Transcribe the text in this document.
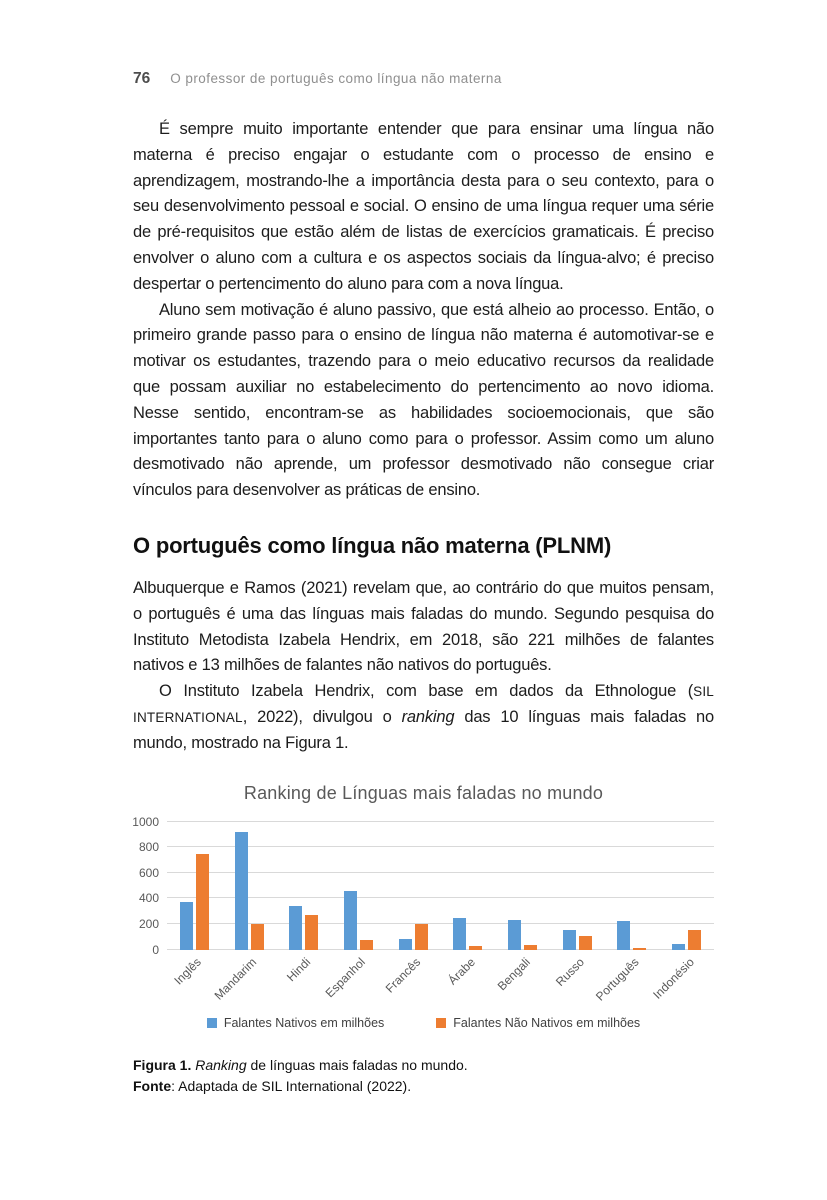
76 O professor de português como língua não materna

É sempre muito importante entender que para ensinar uma língua não materna é preciso engajar o estudante com o processo de ensino e aprendizagem, mostrando-lhe a importância desta para o seu contexto, para o seu desenvolvimento pessoal e social. O ensino de uma língua requer uma série de pré-requisitos que estão além de listas de exercícios gramaticais. É preciso envolver o aluno com a cultura e os aspectos sociais da língua-alvo; é preciso despertar o pertencimento do aluno para com a nova língua.

Aluno sem motivação é aluno passivo, que está alheio ao processo. Então, o primeiro grande passo para o ensino de língua não materna é automotivar-se e motivar os estudantes, trazendo para o meio educativo recursos da realidade que possam auxiliar no estabelecimento do pertencimento ao novo idioma. Nesse sentido, encontram-se as habilidades socioemocionais, que são importantes tanto para o aluno como para o professor. Assim como um aluno desmotivado não aprende, um professor desmotivado não consegue criar vínculos para desenvolver as práticas de ensino.

O português como língua não materna (PLNM)

Albuquerque e Ramos (2021) revelam que, ao contrário do que muitos pensam, o português é uma das línguas mais faladas do mundo. Segundo pesquisa do Instituto Metodista Izabela Hendrix, em 2018, são 221 milhões de falantes nativos e 13 milhões de falantes não nativos do português.

O Instituto Izabela Hendrix, com base em dados da Ethnologue (SIL INTERNATIONAL, 2022), divulgou o ranking das 10 línguas mais faladas no mundo, mostrado na Figura 1.

Ranking de Línguas mais faladas no mundo
0
200
400
600
800
1000
Inglês Mandarim Hindi Espanhol Francês Árabe Bengali Russo Português Indonésio
Falantes Nativos em milhões	Falantes Não Nativos em milhões
Figura 1. Ranking de línguas mais faladas no mundo.
Fonte: Adaptada de SIL International (2022).
